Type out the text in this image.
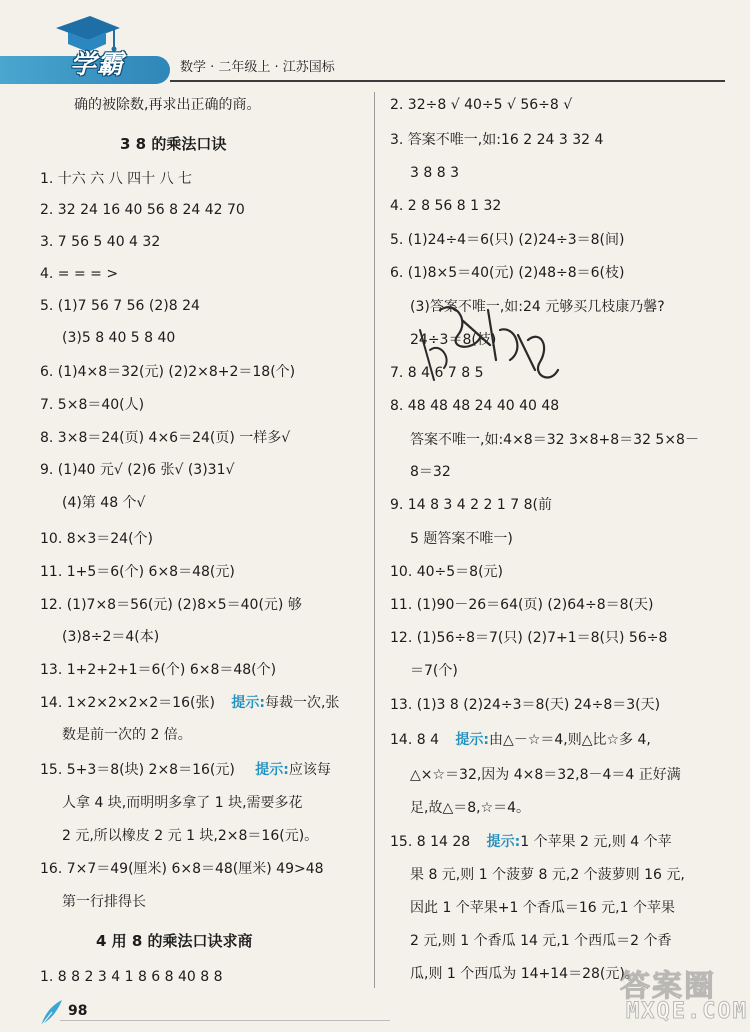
学霸	数学 · 二年级上 · 江苏国标
确的被除数,再求出正确的商。
3 8 的乘法口诀
1. 十六 六 八 四十 八 七
2. 32 24 16 40 56 8 24 42 70
3. 7 56 5 40 4 32
4. = = = >
5. (1)7 56 7 56 (2)8 24
(3)5 8 40 5 8 40
6. (1)4×8＝32(元) (2)2×8+2＝18(个)
7. 5×8＝40(人)
8. 3×8＝24(页) 4×6＝24(页) 一样多√
9. (1)40 元√ (2)6 张√ (3)31√
(4)第 48 个√
10. 8×3＝24(个)
11. 1+5＝6(个) 6×8＝48(元)
12. (1)7×8＝56(元) (2)8×5＝40(元) 够
(3)8÷2＝4(本)
13. 1+2+2+1＝6(个) 6×8＝48(个)
14. 1×2×2×2×2＝16(张) 提示:每裁一次,张
数是前一次的 2 倍。
15. 5+3＝8(块) 2×8＝16(元) 提示:应该每
人拿 4 块,而明明多拿了 1 块,需要多花
2 元,所以橡皮 2 元 1 块,2×8＝16(元)。
16. 7×7＝49(厘米) 6×8＝48(厘米) 49>48
第一行排得长
4 用 8 的乘法口诀求商
1. 8 8 2 3 4 1 8 6 8 40 8 8
2. 32÷8 √ 40÷5 √ 56÷8 √
3. 答案不唯一,如:16 2 24 3 32 4
3 8 8 3
4. 2 8 56 8 1 32
5. (1)24÷4＝6(只) (2)24÷3＝8(间)
6. (1)8×5＝40(元) (2)48÷8＝6(枝)
(3)答案不唯一,如:24 元够买几枝康乃馨?
24÷3＝8(枝)
7. 8 4 6 7 8 5
8. 48 48 48 24 40 40 48
答案不唯一,如:4×8＝32 3×8+8＝32 5×8－
8＝32
9. 14 8 3 4 2 2 1 7 8(前
5 题答案不唯一)
10. 40÷5＝8(元)
11. (1)90－26＝64(页) (2)64÷8＝8(天)
12. (1)56÷8＝7(只) (2)7+1＝8(只) 56÷8
＝7(个)
13. (1)3 8 (2)24÷3＝8(天) 24÷8＝3(天)
14. 8 4 提示:由△－☆＝4,则△比☆多 4,
△×☆＝32,因为 4×8＝32,8－4＝4 正好满
足,故△＝8,☆＝4。
15. 8 14 28 提示:1 个苹果 2 元,则 4 个苹
果 8 元,则 1 个菠萝 8 元,2 个菠萝则 16 元,
因此 1 个苹果+1 个香瓜＝16 元,1 个苹果
2 元,则 1 个香瓜 14 元,1 个西瓜＝2 个香
瓜,则 1 个西瓜为 14+14＝28(元)。
98
答案圈
MXQE.COM
